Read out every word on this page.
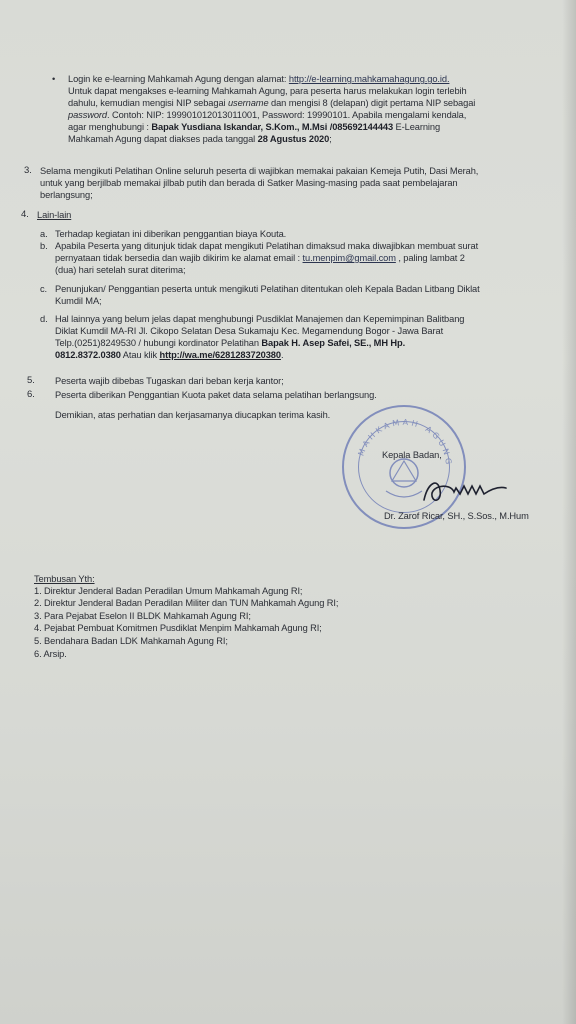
• Login ke e-learning Mahkamah Agung dengan alamat: http://e-learning.mahkamahagung.go.id.
Untuk dapat mengakses e-learning Mahkamah Agung, para peserta harus melakukan login terlebih
dahulu, kemudian mengisi NIP sebagai username dan mengisi 8 (delapan) digit pertama NIP sebagai
password. Contoh: NIP: 199901012013011001, Password: 19990101. Apabila mengalami kendala,
agar menghubungi : Bapak Yusdiana Iskandar, S.Kom., M.Msi /085692144443 E-Learning
Mahkamah Agung dapat diakses pada tanggal 28 Agustus 2020;
3. Selama mengikuti Pelatihan Online seluruh peserta di wajibkan memakai pakaian Kemeja Putih, Dasi Merah,
untuk yang berjilbab memakai jilbab putih dan berada di Satker Masing-masing pada saat pembelajaran
berlangsung;
4. Lain-lain
a. Terhadap kegiatan ini diberikan penggantian biaya Kouta.
b. Apabila Peserta yang ditunjuk tidak dapat mengikuti Pelatihan dimaksud maka diwajibkan membuat surat
pernyataan tidak bersedia dan wajib dikirim ke alamat email : tu.menpim@gmail.com , paling lambat 2
(dua) hari setelah surat diterima;
c. Penunjukan/ Penggantian peserta untuk mengikuti Pelatihan ditentukan oleh Kepala Badan Litbang Diklat
Kumdil MA;
d. Hal lainnya yang belum jelas dapat menghubungi Pusdiklat Manajemen dan Kepemimpinan Balitbang
Diklat Kumdil MA-RI Jl. Cikopo Selatan Desa Sukamaju Kec. Megamendung Bogor - Jawa Barat
Telp.(0251)8249530 / hubungi kordinator Pelatihan Bapak H. Asep Safei, SE., MH Hp.
0812.8372.0380 Atau klik http://wa.me/6281283720380.
5. Peserta wajib dibebas Tugaskan dari beban kerja kantor;
6. Peserta diberikan Penggantian Kuota paket data selama pelatihan berlangsung.
Demikian, atas perhatian dan kerjasamanya diucapkan terima kasih.
MAHKAMAH AGUNG
Kepala Badan,
Dr. Zarof Ricar, SH., S.Sos., M.Hum
Tembusan Yth:
1. Direktur Jenderal Badan Peradilan Umum Mahkamah Agung RI;
2. Direktur Jenderal Badan Peradilan Militer dan TUN Mahkamah Agung RI;
3. Para Pejabat Eselon II BLDK Mahkamah Agung RI;
4. Pejabat Pembuat Komitmen Pusdiklat Menpim Mahkamah Agung RI;
5. Bendahara Badan LDK Mahkamah Agung RI;
6. Arsip.
